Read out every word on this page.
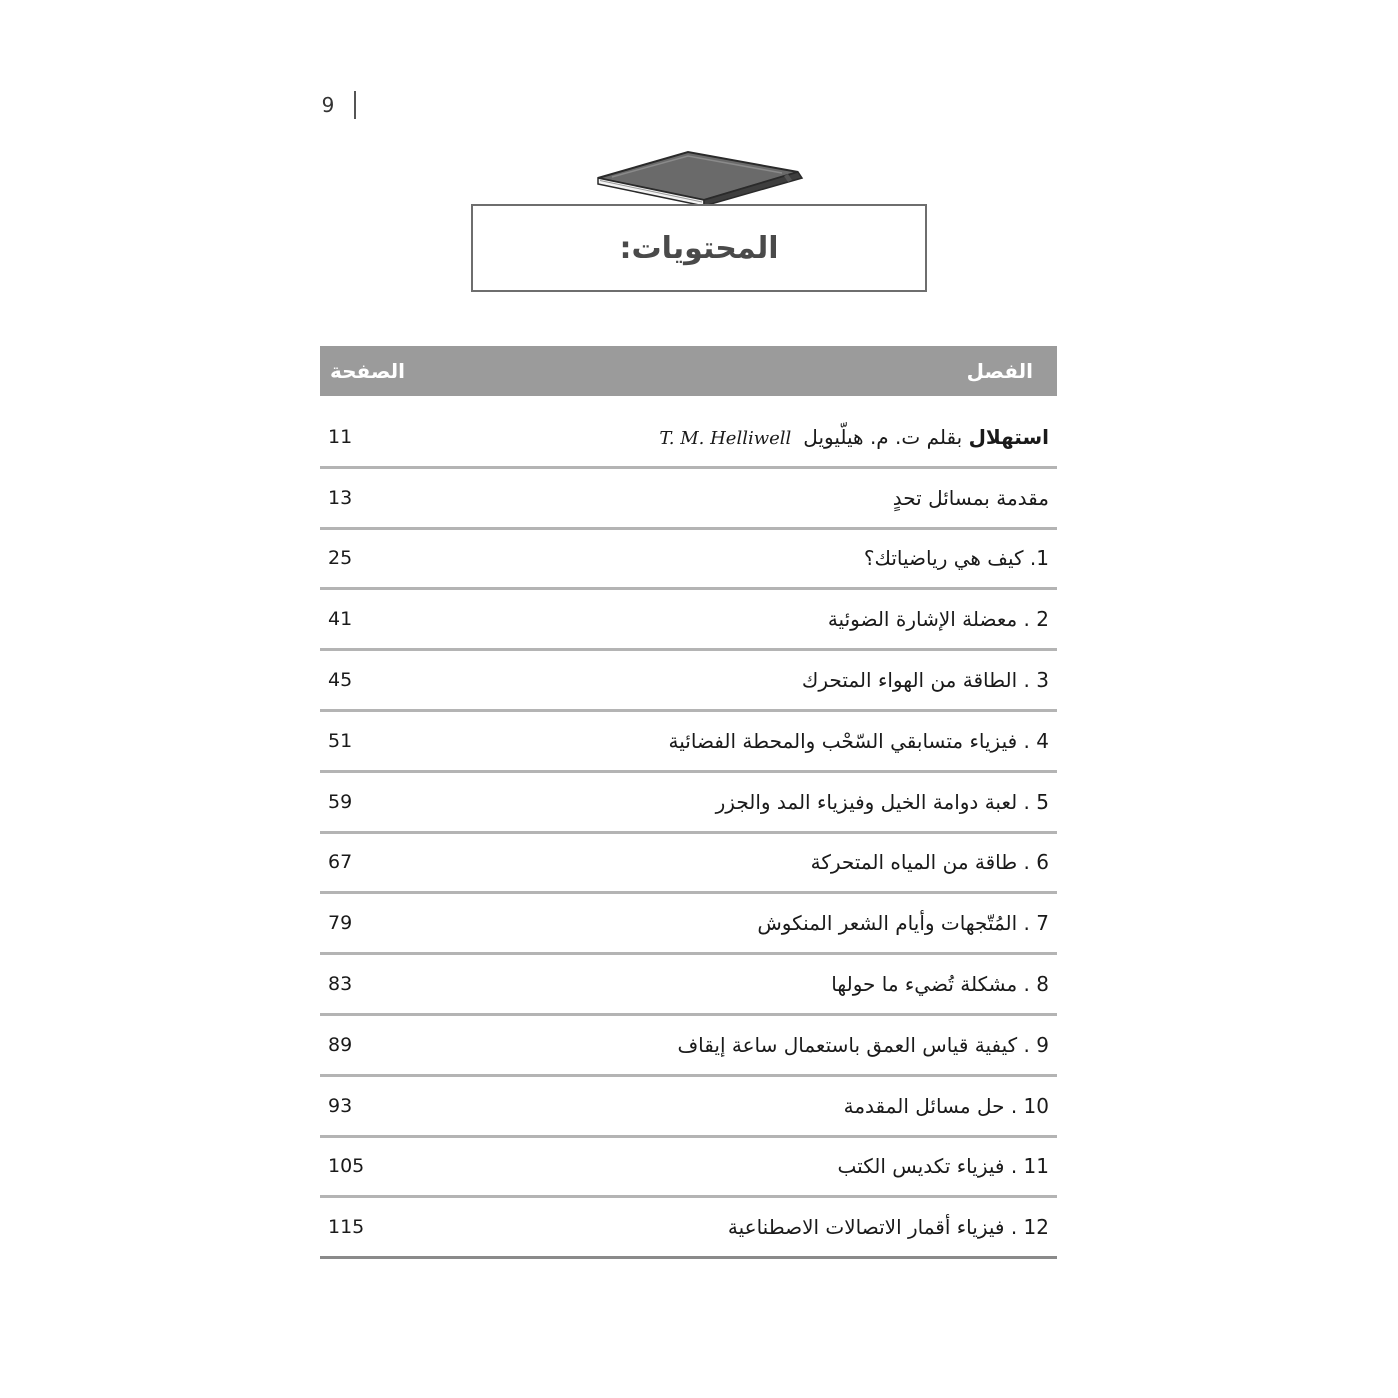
9
المحتويات:
الفصل
الصفحة
استهلال بقلم ت. م. هيلّيويلT. M. Helliwell
11
مقدمة بمسائل تحدٍ
13
1. كيف هي رياضياتك؟
25
2 . معضلة الإشارة الضوئية
41
3 . الطاقة من الهواء المتحرك
45
4 . فيزياء متسابقي السّحْب والمحطة الفضائية
51
5 . لعبة دوامة الخيل وفيزياء المد والجزر
59
6 . طاقة من المياه المتحركة
67
7 . المُتّجهات وأيام الشعر المنكوش
79
8 . مشكلة تُضيء ما حولها
83
9 . كيفية قياس العمق باستعمال ساعة إيقاف
89
10 . حل مسائل المقدمة
93
11 . فيزياء تكديس الكتب
105
12 . فيزياء أقمار الاتصالات الاصطناعية
115
